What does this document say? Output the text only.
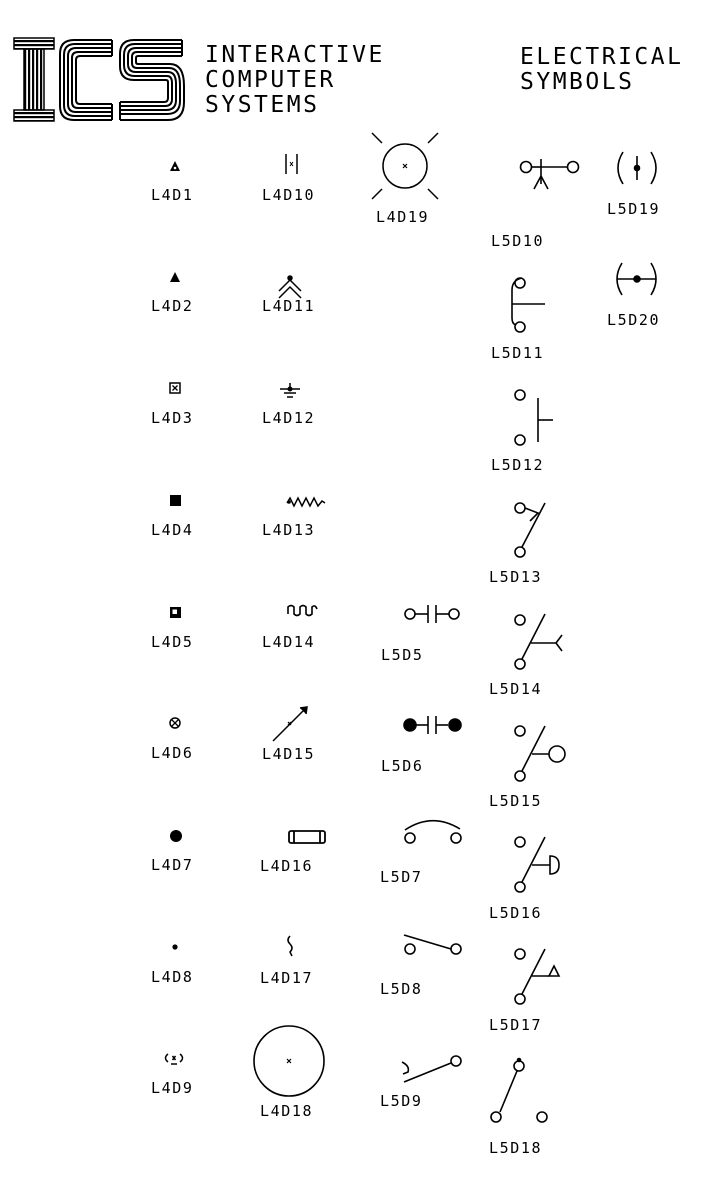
ICS
INTERACTIVE
COMPUTER
SYSTEMS
ELECTRICAL
SYMBOLS
L4D1
L4D2
L4D3
L4D4
L4D5
L4D6
L4D7
L4D8
L4D9
L4D10
L4D11
L4D12
L4D13
L4D14
L4D15
L4D16
L4D17
L4D18
L4D19
L5D5
L5D6
L5D7
L5D8
L5D9
L5D10
L5D11
L5D12
L5D13
L5D14
L5D15
L5D16
L5D17
L5D18
L5D19
L5D20
